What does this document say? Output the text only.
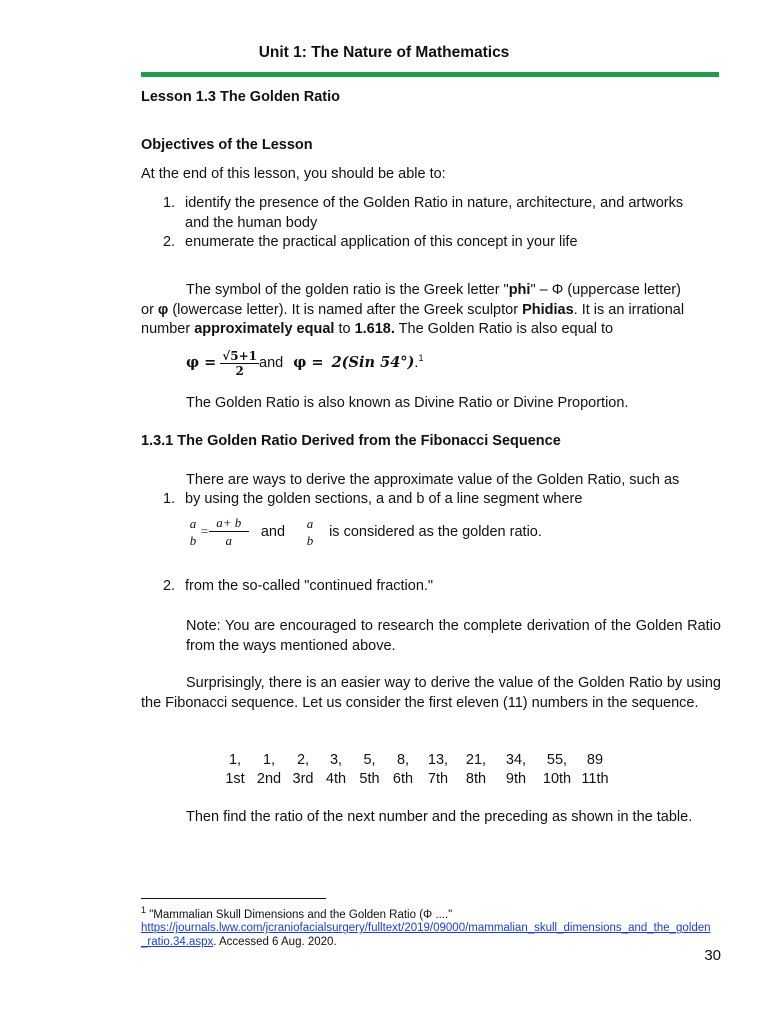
Unit 1: The Nature of Mathematics
Lesson 1.3 The Golden Ratio
Objectives of the Lesson
At the end of this lesson, you should be able to:
1. identify the presence of the Golden Ratio in nature, architecture, and artworks
and the human body
2. enumerate the practical application of this concept in your life
The symbol of the golden ratio is the Greek letter "phi" – Φ (uppercase letter)
or φ (lowercase letter). It is named after the Greek sculptor Phidias. It is an irrational
number approximately equal to 1.618. The Golden Ratio is also equal to
$\varphi = \frac{√5+1}{2}$ and φ = 2(Sin 54°).$^1$
The Golden Ratio is also known as Divine Ratio or Divine Proportion.
1.3.1 The Golden Ratio Derived from the Fibonacci Sequence
There are ways to derive the approximate value of the Golden Ratio, such as
1. by using the golden sections, a and b of a line segment where
a
b
= $\frac{a+ b}{a}$ and
a
b
is considered as the golden ratio.
2. from the so-called "continued fraction."
Note: You are encouraged to research the complete derivation of the Golden Ratio from the ways mentioned above.
Surprisingly, there is an easier way to derive the value of the Golden Ratio by using the Fibonacci sequence. Let us consider the first eleven (11) numbers in the sequence.
1, 1, 2, 3, 5, 8, 13, 21, 34, 55, 89
1st 2nd 3rd 4th 5th 6th 7th 8th 9th 10th 11th
Then find the ratio of the next number and the preceding as shown in the table.
$^1$ "Mammalian Skull Dimensions and the Golden Ratio (Φ ...."
https://journals.lww.com/jcraniofacialsurgery/fulltext/2019/09000/mammalian_skull_dimensions_and_the_golden
_ratio.34.aspx. Accessed 6 Aug. 2020.
30
